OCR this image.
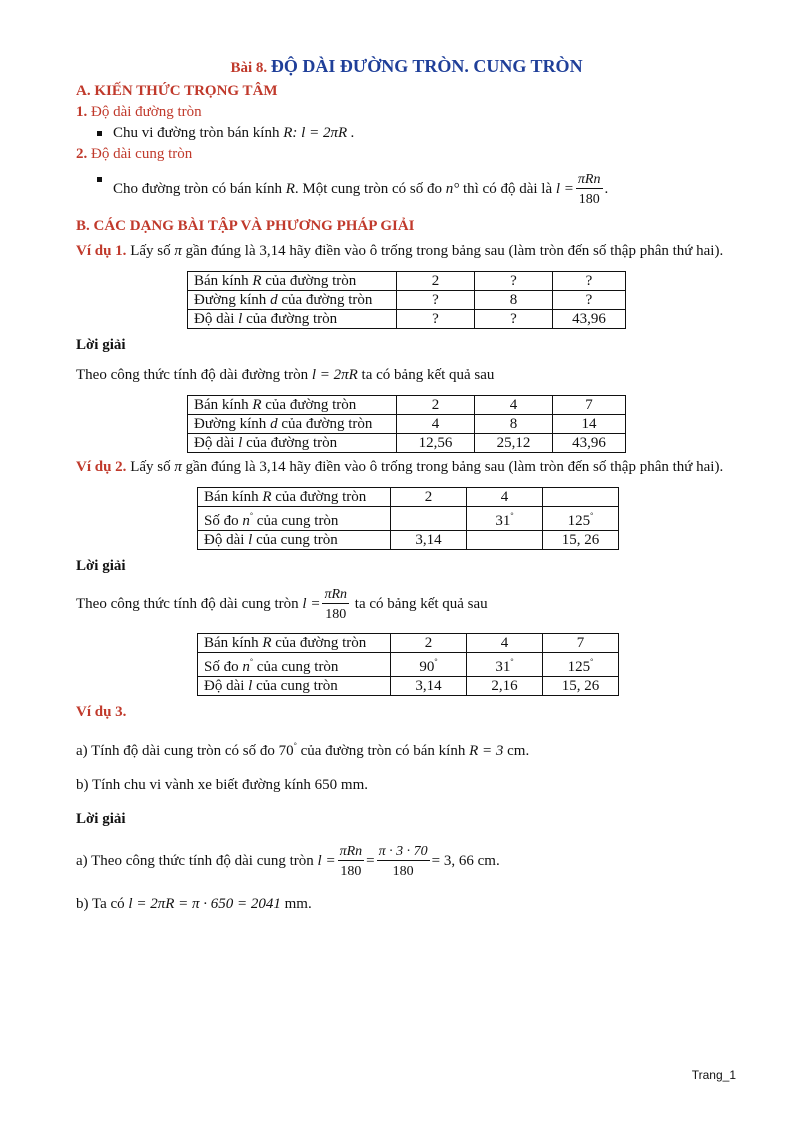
Bài 8. ĐỘ DÀI ĐƯỜNG TRÒN. CUNG TRÒN
A. KIẾN THỨC TRỌNG TÂM
1. Độ dài đường tròn
Chu vi đường tròn bán kính R: l = 2πR .
2. Độ dài cung tròn
Cho đường tròn có bán kính R. Một cung tròn có số đo n° thì có độ dài là $l = \frac{\text{πRn}}{180}$ .
B. CÁC DẠNG BÀI TẬP VÀ PHƯƠNG PHÁP GIẢI
Ví dụ 1. Lấy số π gần đúng là 3,14 hãy điền vào ô trống trong bảng sau (làm tròn đến số thập phân thứ hai).
Bán kính R của đường tròn	2	?	?
Đường kính d của đường tròn	?	8	?
Độ dài l của đường tròn	?	?	43,96
Lời giải
Theo công thức tính độ dài đường tròn l = 2πR ta có bảng kết quả sau
Bán kính R của đường tròn	2	4	7
Đường kính d của đường tròn	4	8	14
Độ dài l của đường tròn	12,56	25,12	43,96
Ví dụ 2. Lấy số π gần đúng là 3,14 hãy điền vào ô trống trong bảng sau (làm tròn đến số thập phân thứ hai).
Bán kính R của đường tròn	2	4	
Số đo n° của cung tròn		31°	125°
Độ dài l của cung tròn	3,14		15, 26
Lời giải
Theo công thức tính độ dài cung tròn $l = \frac{\text{πRn}}{180}$ ta có bảng kết quả sau
Bán kính R của đường tròn	2	4	7
Số đo n° của cung tròn	90°	31°	125°
Độ dài l của cung tròn	3,14	2,16	15, 26
Ví dụ 3.
a) Tính độ dài cung tròn có số đo 70° của đường tròn có bán kính R = 3 cm.
b) Tính chu vi vành xe biết đường kính 650 mm.
Lời giải
a) Theo công thức tính độ dài cung tròn $l = \frac{\text{πRn}}{180} = \frac{\pi \cdot 3 \cdot 70}{180} = 3$, 66 cm.
b) Ta có l = 2πR = π · 650 = 2041 mm.
Trang_1
